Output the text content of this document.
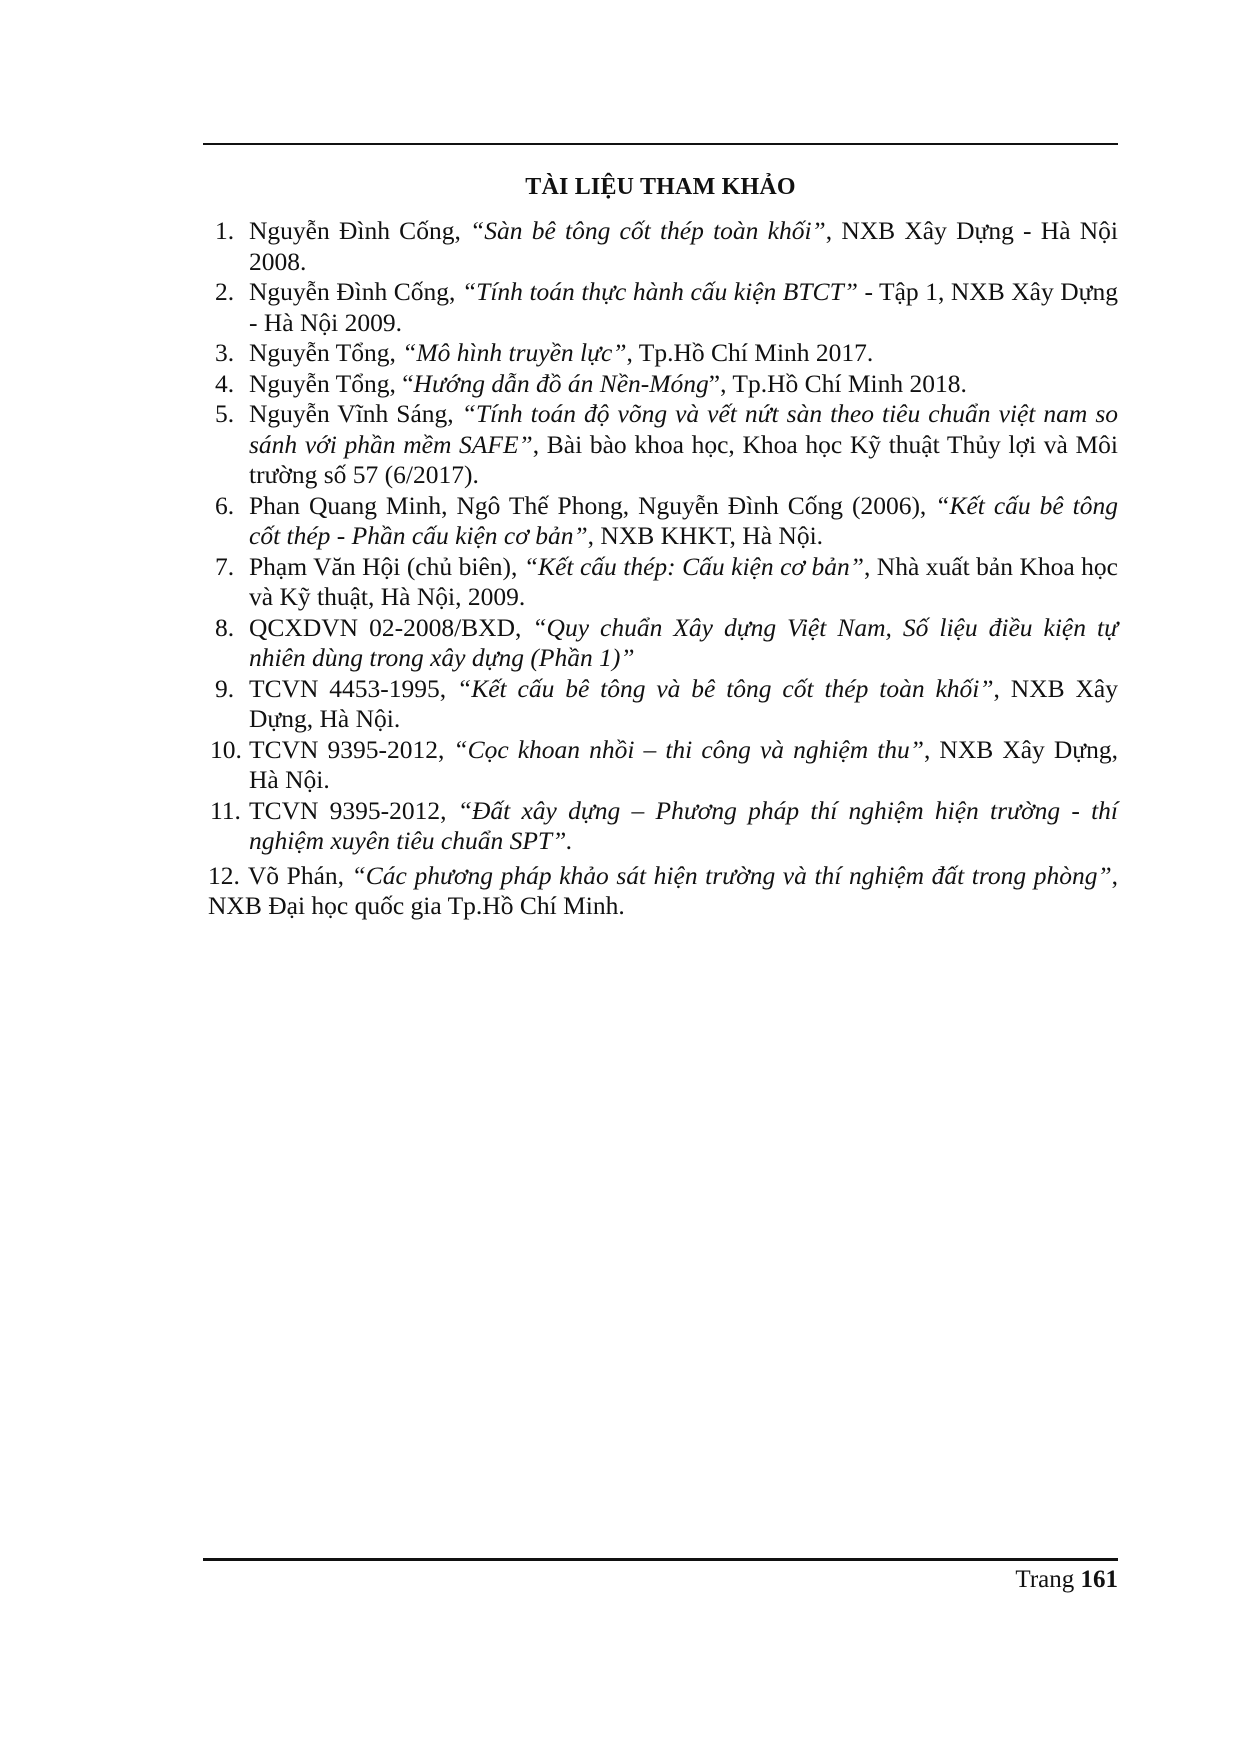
TÀI LIỆU THAM KHẢO

1. Nguyễn Đình Cống, “Sàn bê tông cốt thép toàn khối”, NXB Xây Dựng - Hà Nội 2008.

2. Nguyễn Đình Cống, “Tính toán thực hành cấu kiện BTCT” - Tập 1, NXB Xây Dựng - Hà Nội 2009.

3. Nguyễn Tổng, “Mô hình truyền lực”, Tp.Hồ Chí Minh 2017.

4. Nguyễn Tổng, “Hướng dẫn đồ án Nền-Móng”, Tp.Hồ Chí Minh 2018.

5. Nguyễn Vĩnh Sáng, “Tính toán độ võng và vết nứt sàn theo tiêu chuẩn việt nam so sánh với phần mềm SAFE”, Bài bào khoa học, Khoa học Kỹ thuật Thủy lợi và Môi trường số 57 (6/2017).

6. Phan Quang Minh, Ngô Thế Phong, Nguyễn Đình Cống (2006), “Kết cấu bê tông cốt thép - Phần cấu kiện cơ bản”, NXB KHKT, Hà Nội.

7. Phạm Văn Hội (chủ biên), “Kết cấu thép: Cấu kiện cơ bản”, Nhà xuất bản Khoa học và Kỹ thuật, Hà Nội, 2009.

8. QCXDVN 02-2008/BXD, “Quy chuẩn Xây dựng Việt Nam, Số liệu điều kiện tự nhiên dùng trong xây dựng (Phần 1)”

9. TCVN 4453-1995, “Kết cấu bê tông và bê tông cốt thép toàn khối”, NXB Xây Dựng, Hà Nội.

10. TCVN 9395-2012, “Cọc khoan nhồi – thi công và nghiệm thu”, NXB Xây Dựng, Hà Nội.

11. TCVN 9395-2012, “Đất xây dựng – Phương pháp thí nghiệm hiện trường - thí nghiệm xuyên tiêu chuẩn SPT”.

12. Võ Phán, “Các phương pháp khảo sát hiện trường và thí nghiệm đất trong phòng”, NXB Đại học quốc gia Tp.Hồ Chí Minh.

Trang 161
